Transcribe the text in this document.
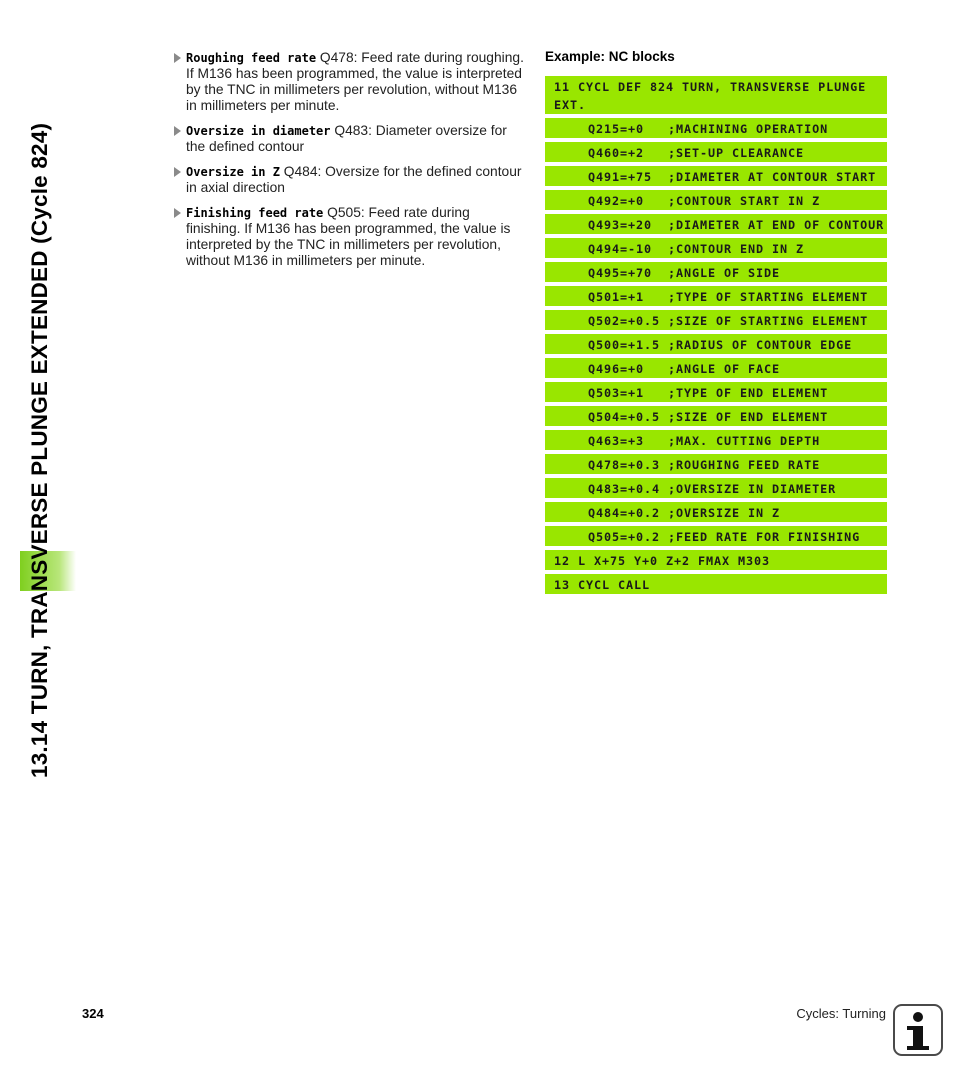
13.14 TURN, TRANSVERSE PLUNGE EXTENDED (Cycle 824)
Roughing feed rate Q478: Feed rate during roughing. If M136 has been programmed, the value is interpreted by the TNC in millimeters per revolution, without M136 in millimeters per minute.
Oversize in diameter Q483: Diameter oversize for the defined contour
Oversize in Z Q484: Oversize for the defined contour in axial direction
Finishing feed rate Q505: Feed rate during finishing. If M136 has been programmed, the value is interpreted by the TNC in millimeters per revolution, without M136 in millimeters per minute.
Example: NC blocks
11 CYCL DEF 824 TURN, TRANSVERSE PLUNGE EXT.
Q215=+0   ;MACHINING OPERATION
Q460=+2   ;SET-UP CLEARANCE
Q491=+75  ;DIAMETER AT CONTOUR START
Q492=+0   ;CONTOUR START IN Z
Q493=+20  ;DIAMETER AT END OF CONTOUR
Q494=-10  ;CONTOUR END IN Z
Q495=+70  ;ANGLE OF SIDE
Q501=+1   ;TYPE OF STARTING ELEMENT
Q502=+0.5 ;SIZE OF STARTING ELEMENT
Q500=+1.5 ;RADIUS OF CONTOUR EDGE
Q496=+0   ;ANGLE OF FACE
Q503=+1   ;TYPE OF END ELEMENT
Q504=+0.5 ;SIZE OF END ELEMENT
Q463=+3   ;MAX. CUTTING DEPTH
Q478=+0.3 ;ROUGHING FEED RATE
Q483=+0.4 ;OVERSIZE IN DIAMETER
Q484=+0.2 ;OVERSIZE IN Z
Q505=+0.2 ;FEED RATE FOR FINISHING
12 L X+75 Y+0 Z+2 FMAX M303
13 CYCL CALL
324	Cycles: Turning
